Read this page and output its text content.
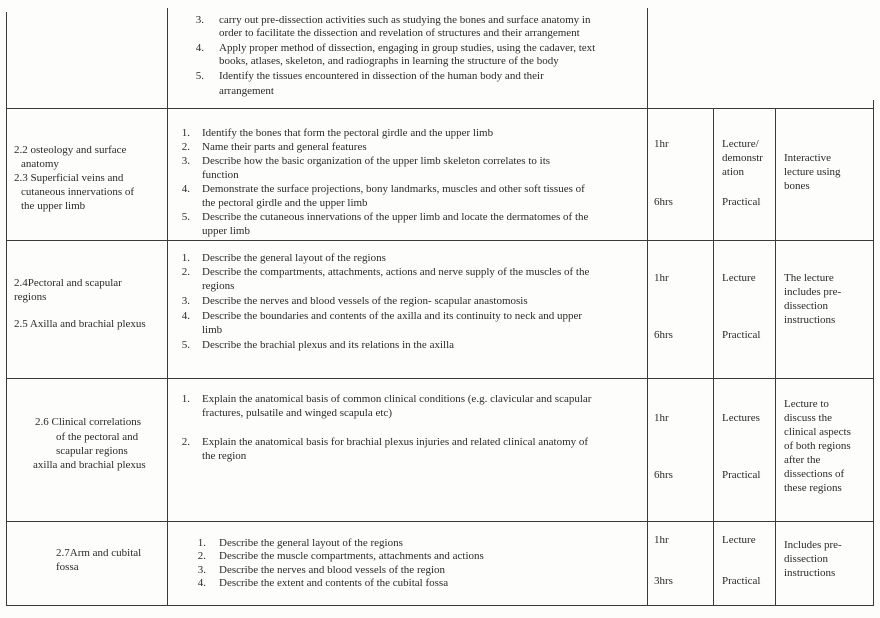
3. carry out pre-dissection activities such as studying the bones and surface anatomy in
order to facilitate the dissection and revelation of structures and their arrangement
4. Apply proper method of dissection, engaging in group studies, using the cadaver, text
books, atlases, skeleton, and radiographs in learning the structure of the body
5. Identify the tissues encountered in dissection of the human body and their
arrangement
2.2 osteology and surface
anatomy
2.3 Superficial veins and
cutaneous innervations of
the upper limb
1. Identify the bones that form the pectoral girdle and the upper limb
2. Name their parts and general features
3. Describe how the basic organization of the upper limb skeleton correlates to its
function
4. Demonstrate the surface projections, bony landmarks, muscles and other soft tissues of
the pectoral girdle and the upper limb
5. Describe the cutaneous innervations of the upper limb and locate the dermatomes of the
upper limb
1hr
6hrs
Lecture/
demonstr
ation
Practical
Interactive
lecture using
bones
2.4Pectoral and scapular
regions
2.5 Axilla and brachial plexus
1. Describe the general layout of the regions
2. Describe the compartments, attachments, actions and nerve supply of the muscles of the
regions
3. Describe the nerves and blood vessels of the region- scapular anastomosis
4. Describe the boundaries and contents of the axilla and its continuity to neck and upper
limb
5. Describe the brachial plexus and its relations in the axilla
1hr
6hrs
Lecture
Practical
The lecture
includes pre-
dissection
instructions
2.6 Clinical correlations
of the pectoral and
scapular regions
axilla and brachial plexus
1. Explain the anatomical basis of common clinical conditions (e.g. clavicular and scapular
fractures, pulsatile and winged scapula etc)
2. Explain the anatomical basis for brachial plexus injuries and related clinical anatomy of
the region
1hr
6hrs
Lectures
Practical
Lecture to
discuss the
clinical aspects
of both regions
after the
dissections of
these regions
2.7Arm and cubital
fossa
1. Describe the general layout of the regions
2. Describe the muscle compartments, attachments and actions
3. Describe the nerves and blood vessels of the region
4. Describe the extent and contents of the cubital fossa
1hr
3hrs
Lecture
Practical
Includes pre-
dissection
instructions
